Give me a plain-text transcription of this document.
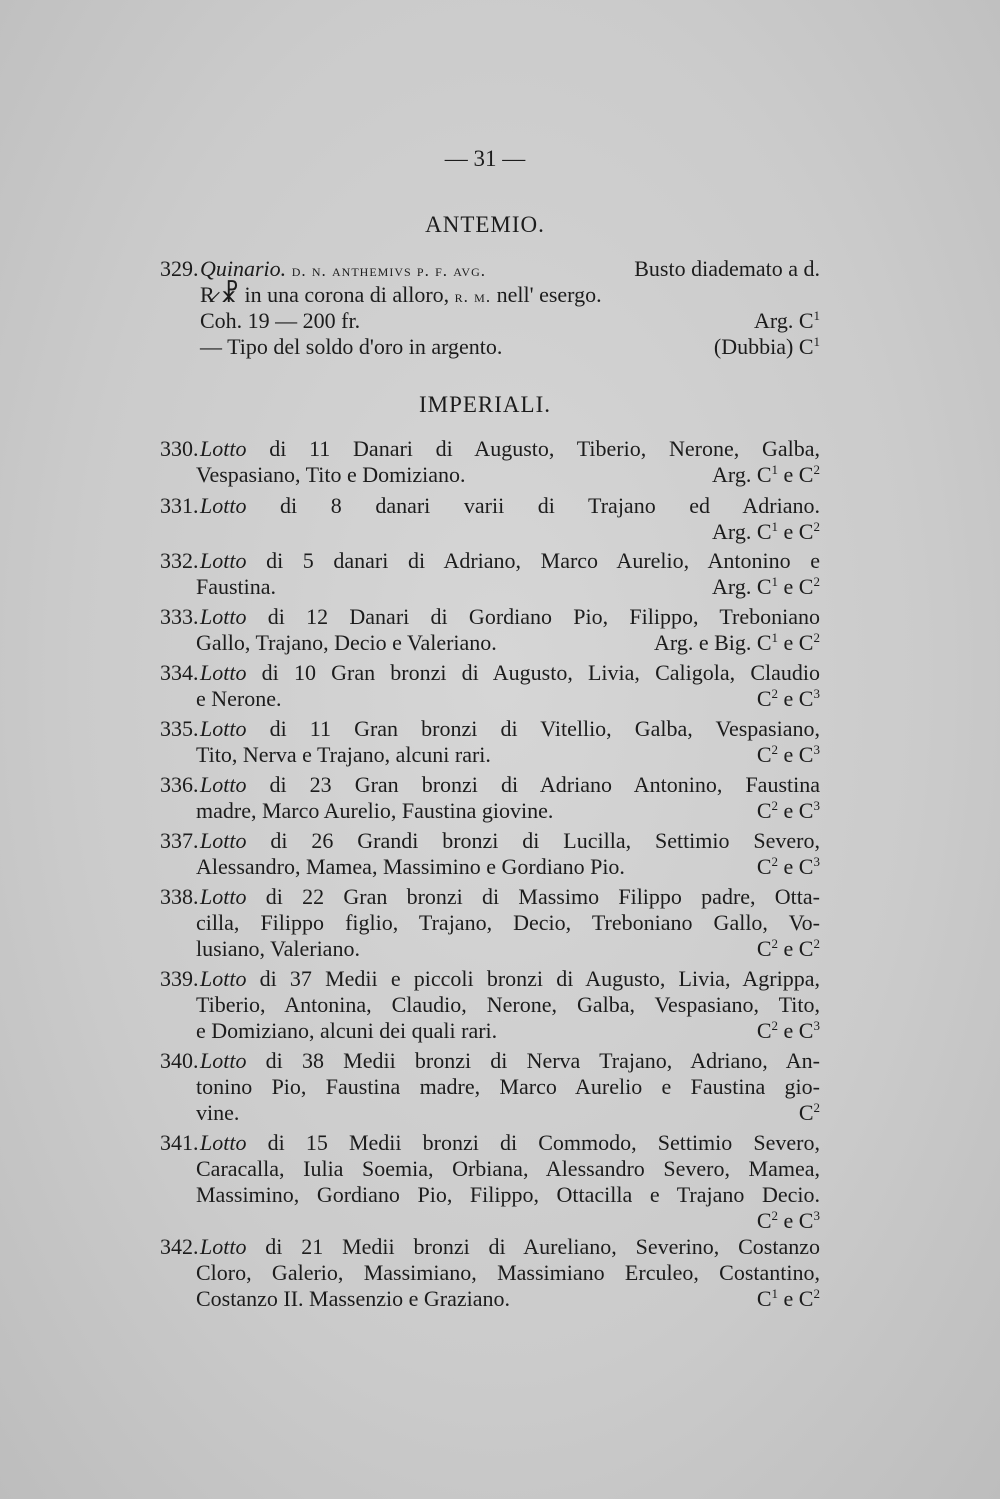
— 31 —
ANTEMIO.
329. Quinario. d. n. anthemivs p. f. avg.	Busto diademato a d.
R̷ ☧ in una corona di alloro, r. m. nell' esergo.
Coh. 19 — 200 fr.	Arg. $C^1$
— Tipo del soldo d'oro in argento.	(Dubbia) $C^1$
IMPERIALI.
330. Lotto di 11 Danari di Augusto, Tiberio, Nerone, Galba,
Vespasiano, Tito e Domiziano.	Arg. $C^1$ e $C^2$
331. Lotto di 8 danari varii di Trajano ed Adriano.
Arg. $C^1$ e $C^2$
332. Lotto di 5 danari di Adriano, Marco Aurelio, Antonino e
Faustina.	Arg. $C^1$ e $C^2$
333. Lotto di 12 Danari di Gordiano Pio, Filippo, Treboniano
Gallo, Trajano, Decio e Valeriano.	Arg. e Big. $C^1$ e $C^2$
334. Lotto di 10 Gran bronzi di Augusto, Livia, Caligola, Claudio
e Nerone.	$C^2$ e $C^3$
335. Lotto di 11 Gran bronzi di Vitellio, Galba, Vespasiano,
Tito, Nerva e Trajano, alcuni rari.	$C^2$ e $C^3$
336. Lotto di 23 Gran bronzi di Adriano Antonino, Faustina
madre, Marco Aurelio, Faustina giovine.	$C^2$ e $C^3$
337. Lotto di 26 Grandi bronzi di Lucilla, Settimio Severo,
Alessandro, Mamea, Massimino e Gordiano Pio.	$C^2$ e $C^3$
338. Lotto di 22 Gran bronzi di Massimo Filippo padre, Otta-
cilla, Filippo figlio, Trajano, Decio, Treboniano Gallo, Vo-
lusiano, Valeriano.	$C^2$ e $C^2$
339. Lotto di 37 Medii e piccoli bronzi di Augusto, Livia, Agrippa,
Tiberio, Antonina, Claudio, Nerone, Galba, Vespasiano, Tito,
e Domiziano, alcuni dei quali rari.	$C^2$ e $C^3$
340. Lotto di 38 Medii bronzi di Nerva Trajano, Adriano, An-
tonino Pio, Faustina madre, Marco Aurelio e Faustina gio-
vine.	$C^2$
341. Lotto di 15 Medii bronzi di Commodo, Settimio Severo,
Caracalla, Iulia Soemia, Orbiana, Alessandro Severo, Mamea,
Massimino, Gordiano Pio, Filippo, Ottacilla e Trajano Decio.
$C^2$ e $C^3$
342. Lotto di 21 Medii bronzi di Aureliano, Severino, Costanzo
Cloro, Galerio, Massimiano, Massimiano Erculeo, Costantino,
Costanzo II. Massenzio e Graziano.	$C^1$ e $C^2$
